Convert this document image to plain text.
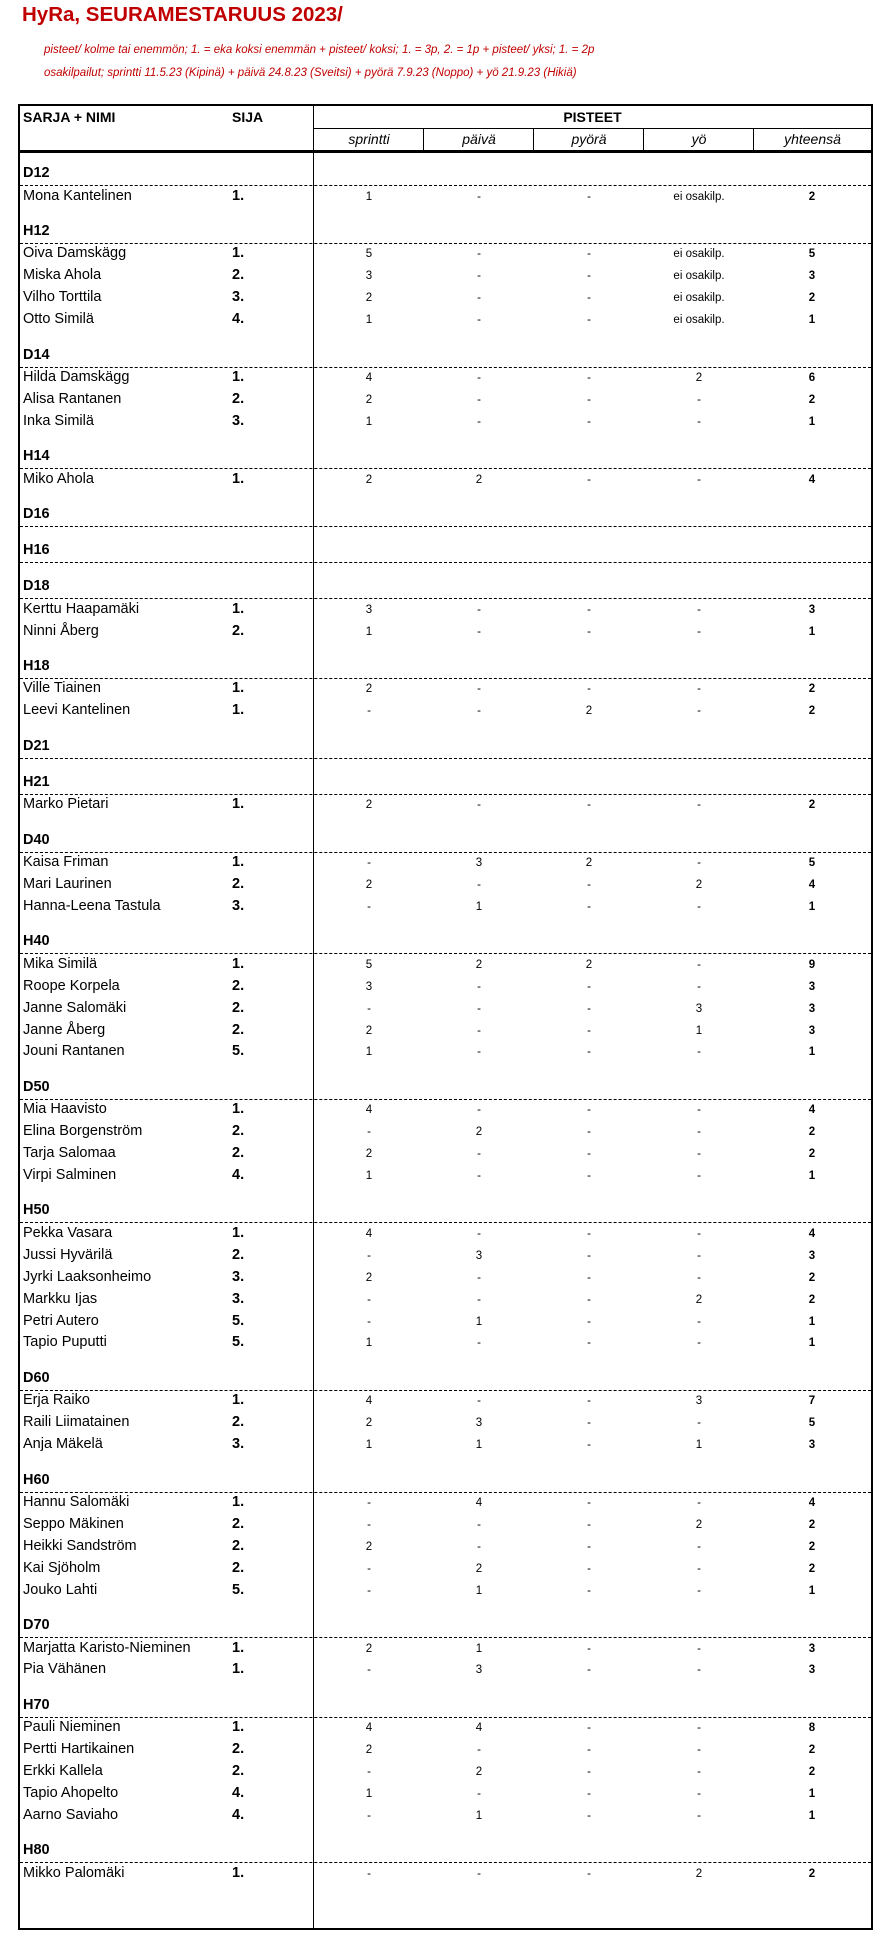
HyRa, SEURAMESTARUUS 2023/
pisteet/ kolme tai enemmön; 1. = eka koksi enemmän + pisteet/ koksi; 1. = 3p, 2. = 1p + pisteet/ yksi; 1. = 2p
osakilpailut; sprintti 11.5.23 (Kipinä) + päivä 24.8.23 (Sveitsi) + pyörä 7.9.23 (Noppo) + yö 21.9.23 (Hikiä)
SARJA + NIMI	SIJA	PISTEET
sprintti	päivä	pyörä	yö	yhteensä
D12
Mona Kantelinen	1.	1	-	-	ei osakilp.	2
H12
Oiva Damskägg	1.	5	-	-	ei osakilp.	5
Miska Ahola	2.	3	-	-	ei osakilp.	3
Vilho Torttila	3.	2	-	-	ei osakilp.	2
Otto Similä	4.	1	-	-	ei osakilp.	1
D14
Hilda Damskägg	1.	4	-	-	2	6
Alisa Rantanen	2.	2	-	-	-	2
Inka Similä	3.	1	-	-	-	1
H14
Miko Ahola	1.	2	2	-	-	4
D16
H16
D18
Kerttu Haapamäki	1.	3	-	-	-	3
Ninni Åberg	2.	1	-	-	-	1
H18
Ville Tiainen	1.	2	-	-	-	2
Leevi Kantelinen	1.	-	-	2	-	2
D21
H21
Marko Pietari	1.	2	-	-	-	2
D40
Kaisa Friman	1.	-	3	2	-	5
Mari Laurinen	2.	2	-	-	2	4
Hanna-Leena Tastula	3.	-	1	-	-	1
H40
Mika Similä	1.	5	2	2	-	9
Roope Korpela	2.	3	-	-	-	3
Janne Salomäki	2.	-	-	-	3	3
Janne Åberg	2.	2	-	-	1	3
Jouni Rantanen	5.	1	-	-	-	1
D50
Mia Haavisto	1.	4	-	-	-	4
Elina Borgenström	2.	-	2	-	-	2
Tarja Salomaa	2.	2	-	-	-	2
Virpi Salminen	4.	1	-	-	-	1
H50
Pekka Vasara	1.	4	-	-	-	4
Jussi Hyvärilä	2.	-	3	-	-	3
Jyrki Laaksonheimo	3.	2	-	-	-	2
Markku Ijas	3.	-	-	-	2	2
Petri Autero	5.	-	1	-	-	1
Tapio Puputti	5.	1	-	-	-	1
D60
Erja Raiko	1.	4	-	-	3	7
Raili Liimatainen	2.	2	3	-	-	5
Anja Mäkelä	3.	1	1	-	1	3
H60
Hannu Salomäki	1.	-	4	-	-	4
Seppo Mäkinen	2.	-	-	-	2	2
Heikki Sandström	2.	2	-	-	-	2
Kai Sjöholm	2.	-	2	-	-	2
Jouko Lahti	5.	-	1	-	-	1
D70
Marjatta Karisto-Nieminen	1.	2	1	-	-	3
Pia Vähänen	1.	-	3	-	-	3
H70
Pauli Nieminen	1.	4	4	-	-	8
Pertti Hartikainen	2.	2	-	-	-	2
Erkki Kallela	2.	-	2	-	-	2
Tapio Ahopelto	4.	1	-	-	-	1
Aarno Saviaho	4.	-	1	-	-	1
H80
Mikko Palomäki	1.	-	-	-	2	2
